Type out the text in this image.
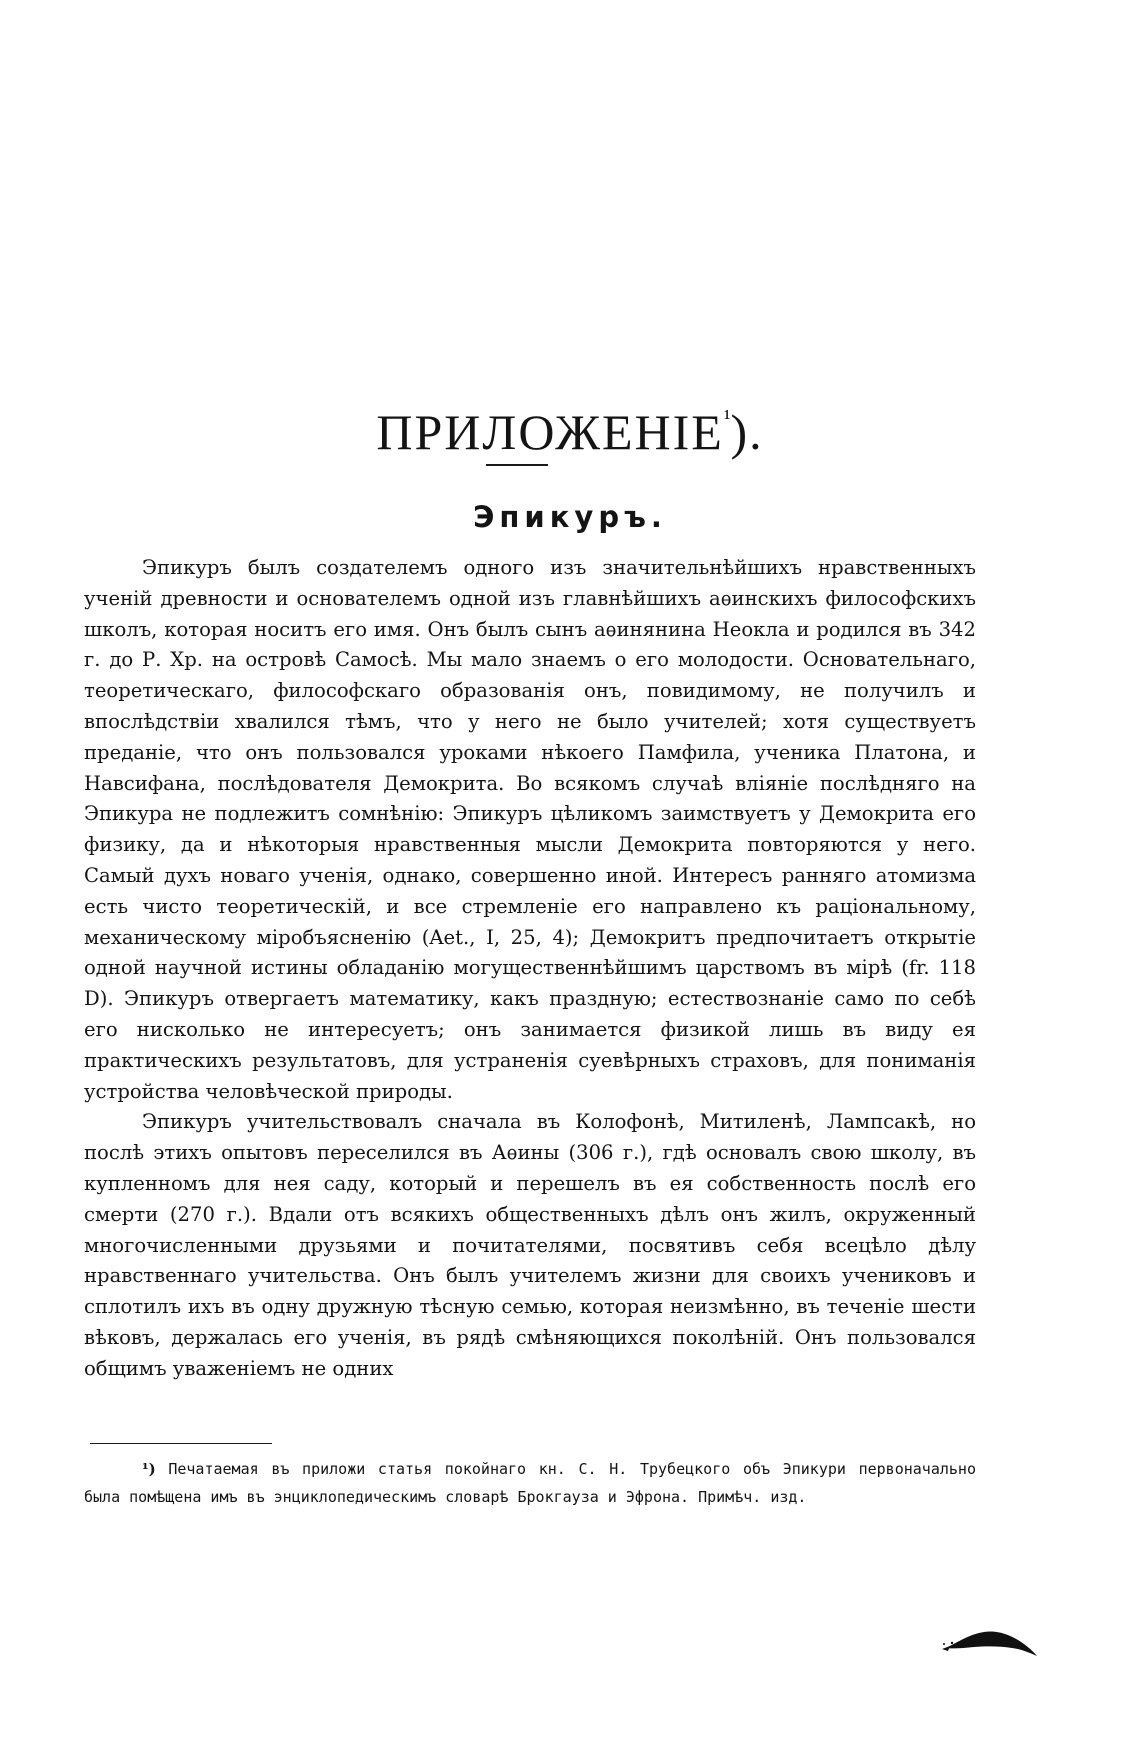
$ПРИЛОЖЕНІЕ^{^1}$).
Эпикуръ.

Эпикуръ былъ создателемъ одного изъ значительнѣйшихъ нравственныхъ ученій древности и основателемъ одной изъ главнѣйшихъ аѳинскихъ философскихъ школъ, которая носитъ его имя. Онъ былъ сынъ аѳинянина Неокла и родился въ 342 г. до Р. Хр. на островѣ Самосѣ. Мы мало знаемъ о его молодости. Основательнаго, теоретическаго, философскаго образованія онъ, повидимому, не получилъ и впослѣдствіи хвалился тѣмъ, что у него не было учителей; хотя существуетъ преданіе, что онъ пользовался уроками нѣкоего Памфила, ученика Платона, и Навсифана, послѣдователя Демокрита. Во всякомъ случаѣ вліяніе послѣдняго на Эпикура не подлежитъ сомнѣнію: Эпикуръ цѣликомъ заимствуетъ у Демокрита его физику, да и нѣкоторыя нравственныя мысли Демокрита повторяются у него. Самый духъ новаго ученія, однако, совершенно иной. Интересъ ранняго атомизма есть чисто теоретическій, и все стремленіе его направлено къ раціональному, механическому міробъясненію (Aet., I, 25, 4); Демокритъ предпочитаетъ открытіе одной научной истины обладанію могущественнѣйшимъ царствомъ въ мірѣ (fr. 118 D). Эпикуръ отвергаетъ математику, какъ праздную; естествознаніе само по себѣ его нисколько не интересуетъ; онъ занимается физикой лишь въ виду ея практическихъ результатовъ, для устраненія суевѣрныхъ страховъ, для пониманія устройства человѣческой природы.

Эпикуръ учительствовалъ сначала въ Колофонѣ, Митиленѣ, Лампсакѣ, но послѣ этихъ опытовъ переселился въ Аѳины (306 г.), гдѣ основалъ свою школу, въ купленномъ для нея саду, который и перешелъ въ ея собственность послѣ его смерти (270 г.). Вдали отъ всякихъ общественныхъ дѣлъ онъ жилъ, окруженный многочисленными друзьями и почитателями, посвятивъ себя всецѣло дѣлу нравственнаго учительства. Онъ былъ учителемъ жизни для своихъ учениковъ и сплотилъ ихъ въ одну дружную тѣсную семью, которая неизмѣнно, въ теченіе шести вѣковъ, держалась его ученія, въ рядѣ смѣняющихся поколѣній. Онъ пользовался общимъ уваженіемъ не одних

¹) Печатаемая въ приложи статья покойнаго кн. С. Н. Трубецкого объ Эпикури первоначально была помѣщена имъ въ энциклопедическимъ словарѣ Брокгауза и Эфрона. Примѣч. изд.
